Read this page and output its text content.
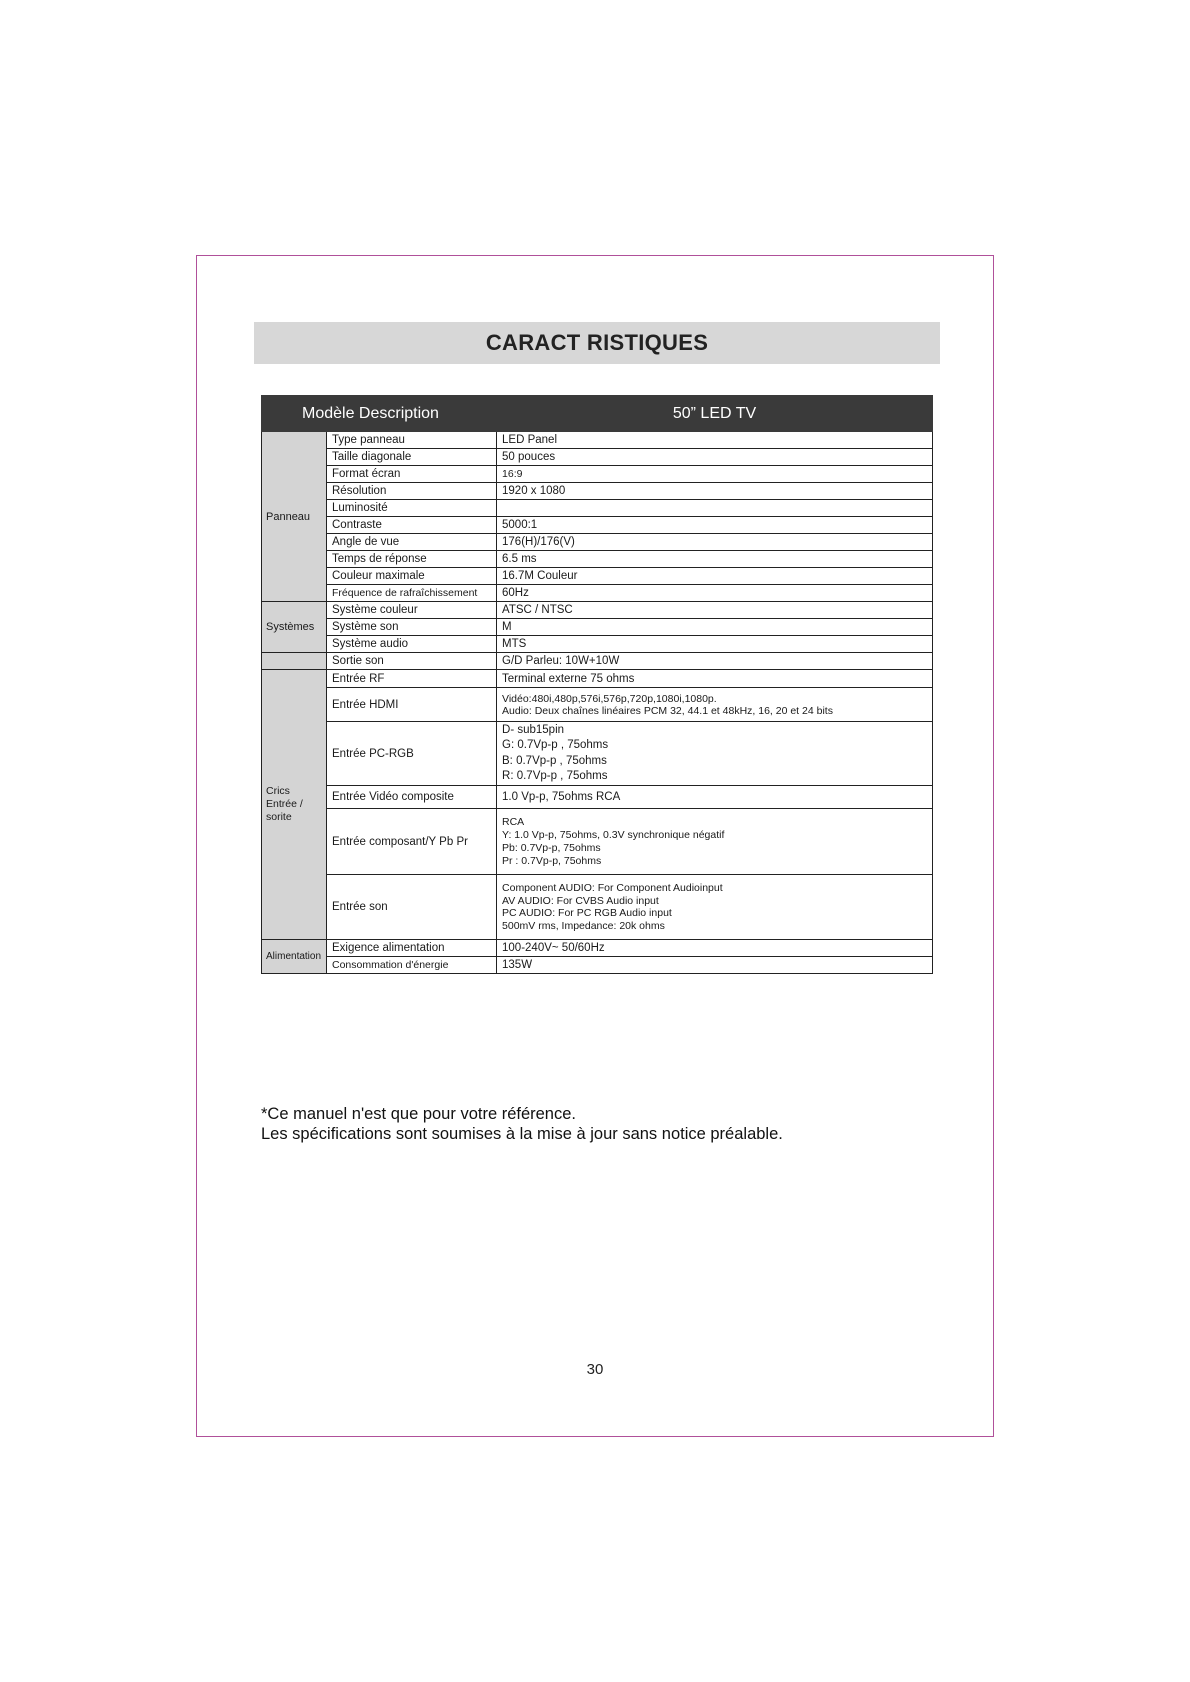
CARACT RISTIQUES
Modèle Description		50” LED TV
Panneau	Type panneau	LED Panel
	Taille diagonale	50 pouces
	Format écran	16:9
	Résolution	1920 x 1080
	Luminosité	
	Contraste	5000:1
	Angle de vue	176(H)/176(V)
	Temps de réponse	6.5 ms
	Couleur maximale	16.7M Couleur
	Fréquence de rafraîchissement	60Hz
Systèmes	Système couleur	ATSC / NTSC
	Système son	M
	Système audio	MTS
	Sortie son	G/D Parleu: 10W+10W
Crics Entrée / sorite	Entrée RF	Terminal externe 75 ohms
	Entrée HDMI	Vidéo:480i,480p,576i,576p,720p,1080i,1080p.
Audio: Deux chaînes linéaires PCM 32, 44.1 et 48kHz, 16, 20 et 24 bits

	Entrée PC-RGB	D- sub15pin
G: 0.7Vp-p , 75ohms
B: 0.7Vp-p , 75ohms
R: 0.7Vp-p , 75ohms

	Entrée Vidéo composite	1.0 Vp-p, 75ohms RCA
	Entrée composant/Y Pb Pr	RCA
Y: 1.0 Vp-p, 75ohms, 0.3V synchronique négatif
Pb: 0.7Vp-p, 75ohms
Pr : 0.7Vp-p, 75ohms

	Entrée son	Component AUDIO: For Component Audioinput
AV AUDIO: For CVBS Audio input
PC AUDIO: For PC RGB Audio input
500mV rms, Impedance: 20k ohms

Alimentation	Exigence alimentation	100-240V~ 50/60Hz
	Consommation d'énergie	135W
*Ce manuel n'est que pour votre référence.
Les spécifications sont soumises à la mise à jour sans notice préalable.
30
